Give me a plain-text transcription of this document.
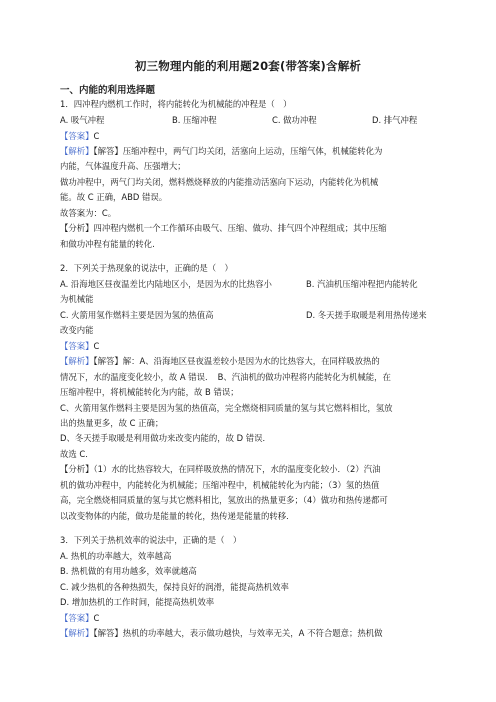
初三物理内能的利用题20套(带答案)含解析
一、内能的利用选择题
1．四冲程内燃机工作时，将内能转化为机械能的冲程是（　）
A. 吸气冲程	B. 压缩冲程	C. 做功冲程	D. 排气冲程
【答案】C
【解析】【解答】压缩冲程中，两气门均关闭，活塞向上运动，压缩气体，机械能转化为
内能，气体温度升高、压强增大；
做功冲程中，两气门均关闭，燃料燃烧释放的内能推动活塞向下运动，内能转化为机械
能。故 C 正确，ABD 错误。
故答案为：C。
【分析】四冲程内燃机一个工作循环由吸气、压缩、做功、排气四个冲程组成；其中压缩
和做功冲程有能量的转化.
2．下列关于热现象的说法中，正确的是（　）
A. 沿海地区昼夜温差比内陆地区小，是因为水的比热容小	B. 汽油机压缩冲程把内能转化
为机械能
C. 火箭用氢作燃料主要是因为氢的热值高	D. 冬天搓手取暖是利用热传递来
改变内能
【答案】C
【解析】【解答】解：A、沿海地区昼夜温差较小是因为水的比热容大，在同样吸放热的
情况下，水的温度变化较小，故 A 错误．　B、汽油机的做功冲程将内能转化为机械能，在
压缩冲程中，将机械能转化为内能，故 B 错误；
C、火箭用氢作燃料主要是因为氢的热值高，完全燃烧相同质量的氢与其它燃料相比，氢放
出的热量更多，故 C 正确；
D、冬天搓手取暖是利用做功来改变内能的，故 D 错误．
故选 C．
【分析】（1）水的比热容较大，在同样吸放热的情况下，水的温度变化较小．（2）汽油
机的做功冲程中，内能转化为机械能；压缩冲程中，机械能转化为内能；（3）氢的热值
高，完全燃烧相同质量的氢与其它燃料相比，氢放出的热量更多；（4）做功和热传递都可
以改变物体的内能，做功是能量的转化，热传递是能量的转移．
3．下列关于热机效率的说法中，正确的是（　）
A. 热机的功率越大，效率越高
B. 热机做的有用功越多，效率就越高
C. 减少热机的各种热损失，保持良好的润滑，能提高热机效率
D. 增加热机的工作时间，能提高热机效率
【答案】C
【解析】【解答】热机的功率越大，表示做功越快，与效率无关，A 不符合题意；热机做
